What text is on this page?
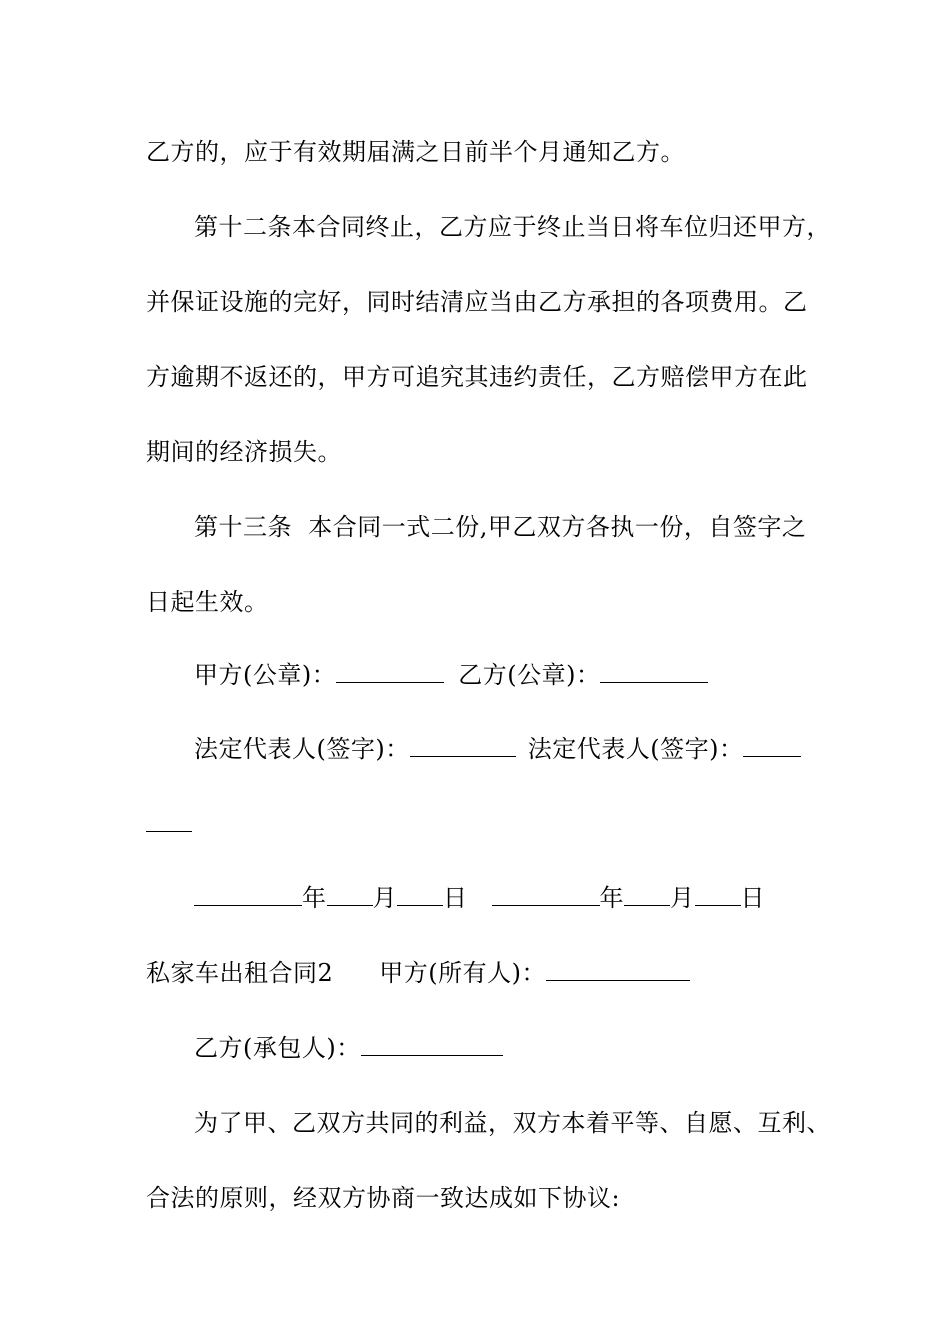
乙方的，应于有效期届满之日前半个月通知乙方。
第十二条本合同终止，乙方应于终止当日将车位归还甲方，
并保证设施的完好，同时结清应当由乙方承担的各项费用。乙
方逾期不返还的，甲方可追究其违约责任，乙方赔偿甲方在此
期间的经济损失。
第十三条  本合同一式二份,甲乙双方各执一份，自签字之
日起生效。
甲方(公章)：	乙方(公章)：
法定代表人(签字)：	法定代表人(签字)：
年 月 日	年 月 日
私家车出租合同2 甲方(所有人)：
乙方(承包人)：
为了甲、乙双方共同的利益，双方本着平等、自愿、互利、
合法的原则，经双方协商一致达成如下协议:
